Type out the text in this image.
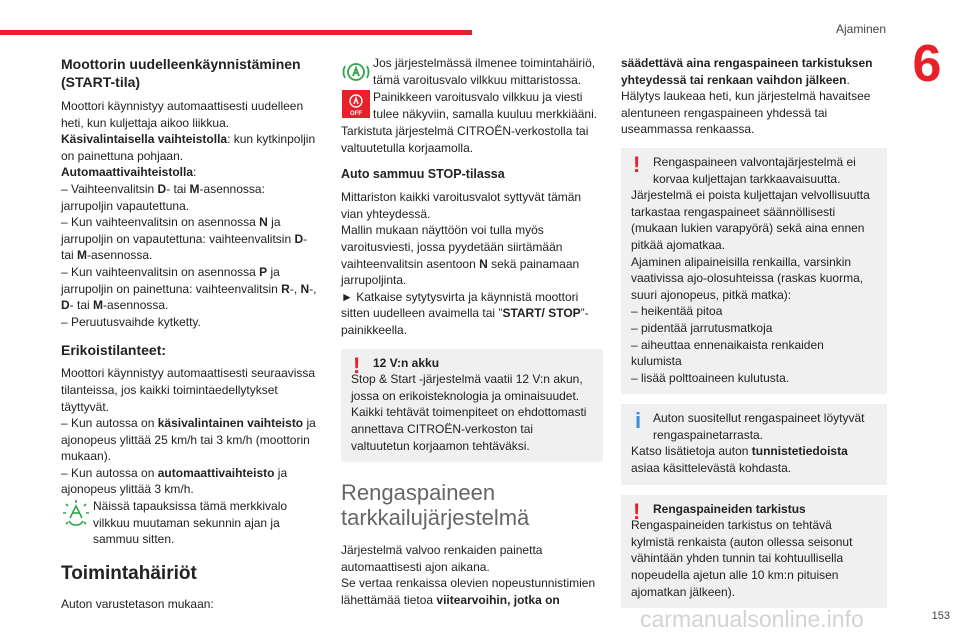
Ajaminen
6
Moottorin uudelleenkäynnistäminen (START-tila)

Moottori käynnistyy automaattisesti uudelleen heti, kun kuljettaja aikoo liikkua.

Käsivalintaisella vaihteistolla: kun kytkinpoljin on painettuna pohjaan.

Automaattivaihteistolla:

– Vaihteenvalitsin D- tai M-asennossa: jarrupoljin vapautettuna.

– Kun vaihteenvalitsin on asennossa N ja jarrupoljin on vapautettuna: vaihteenvalitsin D- tai M-asennossa.

– Kun vaihteenvalitsin on asennossa P ja jarrupoljin on painettuna: vaihteenvalitsin R-, N-, D- tai M-asennossa.

– Peruutusvaihde kytketty.

Erikoistilanteet:

Moottori käynnistyy automaattisesti seuraavissa tilanteissa, jos kaikki toimintaedellytykset täyttyvät.

– Kun autossa on käsivalintainen vaihteisto ja ajonopeus ylittää 25 km/h tai 3 km/h (moottorin mukaan).

– Kun autossa on automaattivaihteisto ja ajonopeus ylittää 3 km/h.

Näissä tapauksissa tämä merkkivalo vilkkuu muutaman sekunnin ajan ja sammuu sitten.

Toimintahäiriöt

Auton varustetason mukaan:

Jos järjestelmässä ilmenee toimintahäiriö, tämä varoitusvalo vilkkuu mittaristossa.

OFF

Painikkeen varoitusvalo vilkkuu ja viesti tulee näkyviin, samalla kuuluu merkkiääni.

Tarkistuta järjestelmä CITROËN-verkostolla tai valtuutetulla korjaamolla.

Auto sammuu STOP-tilassa

Mittariston kaikki varoitusvalot syttyvät tämän vian yhteydessä.

Mallin mukaan näyttöön voi tulla myös varoitusviesti, jossa pyydetään siirtämään vaihteenvalitsin asentoon N sekä painamaan jarrupoljinta.

► Katkaise sytytysvirta ja käynnistä moottori sitten uudelleen avaimella tai ”START/ STOP”-painikkeella.

! 12 V:n akku

Stop & Start -järjestelmä vaatii 12 V:n akun, jossa on erikoisteknologia ja ominaisuudet.

Kaikki tehtävät toimenpiteet on ehdottomasti annettava CITROËN-verkoston tai valtuutetun korjaamon tehtäväksi.

Rengaspaineen tarkkailujärjestelmä

Järjestelmä valvoo renkaiden painetta automaattisesti ajon aikana.

Se vertaa renkaissa olevien nopeustunnistimien lähettämää tietoa viitearvoihin, jotka on

säädettävä aina rengaspaineen tarkistuksen yhteydessä tai renkaan vaihdon jälkeen.

Hälytys laukeaa heti, kun järjestelmä havaitsee alentuneen rengaspaineen yhdessä tai useammassa renkaassa.

! Rengaspaineen valvontajärjestelmä ei korvaa kuljettajan tarkkaavaisuutta.

Järjestelmä ei poista kuljettajan velvollisuutta tarkastaa rengaspaineet säännöllisesti (mukaan lukien varapyörä) sekä aina ennen pitkää ajomatkaa.

Ajaminen alipaineisilla renkailla, varsinkin vaativissa ajo-olosuhteissa (raskas kuorma, suuri ajonopeus, pitkä matka):

– heikentää pitoa

– pidentää jarrutusmatkoja

– aiheuttaa ennenaikaista renkaiden kulumista

– lisää polttoaineen kulutusta.

i Auton suositellut rengaspaineet löytyvät rengaspainetarrasta.

Katso lisätietoja auton tunnistetiedoista asiaa käsittelevästä kohdasta.

! Rengaspaineiden tarkistus

Rengaspaineiden tarkistus on tehtävä kylmistä renkaista (auton ollessa seisonut vähintään yhden tunnin tai kohtuullisella nopeudella ajetun alle 10 km:n pituisen ajomatkan jälkeen).

carmanualsonline.info	153
